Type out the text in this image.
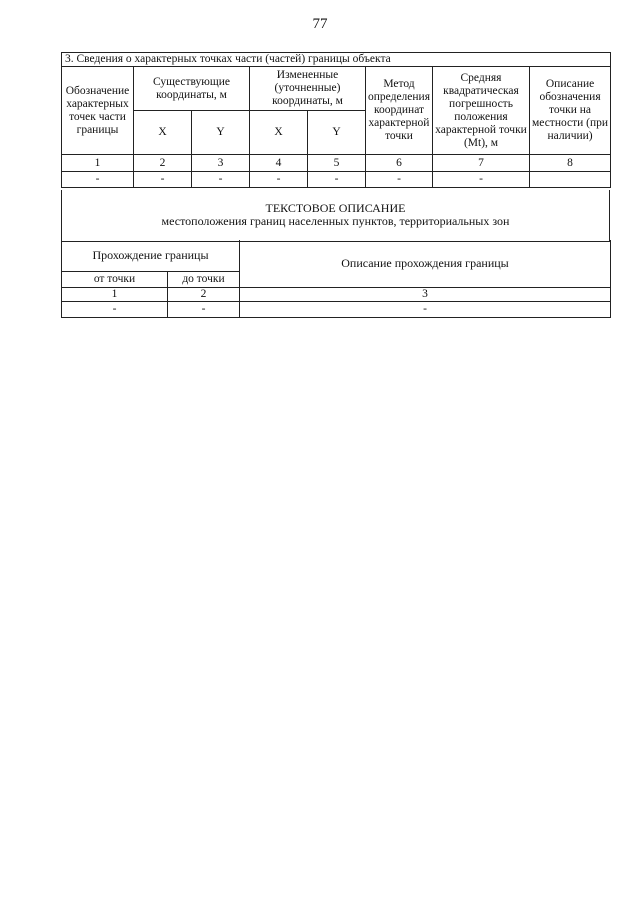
77
3. Сведения о характерных точках части (частей) границы объекта							
Обозначение характерных точек части границы	Существующие координаты, м		Измененные (уточненные) координаты, м		Метод определения координат характерной точки	Средняя квадратическая погрешность положения характерной точки (Mt), м	Описание обозначения точки на местности (при наличии)
	X	Y	X	Y			
1	2	3	4	5	6	7	8
-	-	-	-	-	-	-	
ТЕКСТОВОЕ ОПИСАНИЕ
местоположения границ населенных пунктов, территориальных зон
Прохождение границы		Описание прохождения границы
от точки	до точки	
1	2	3
-	-	-
